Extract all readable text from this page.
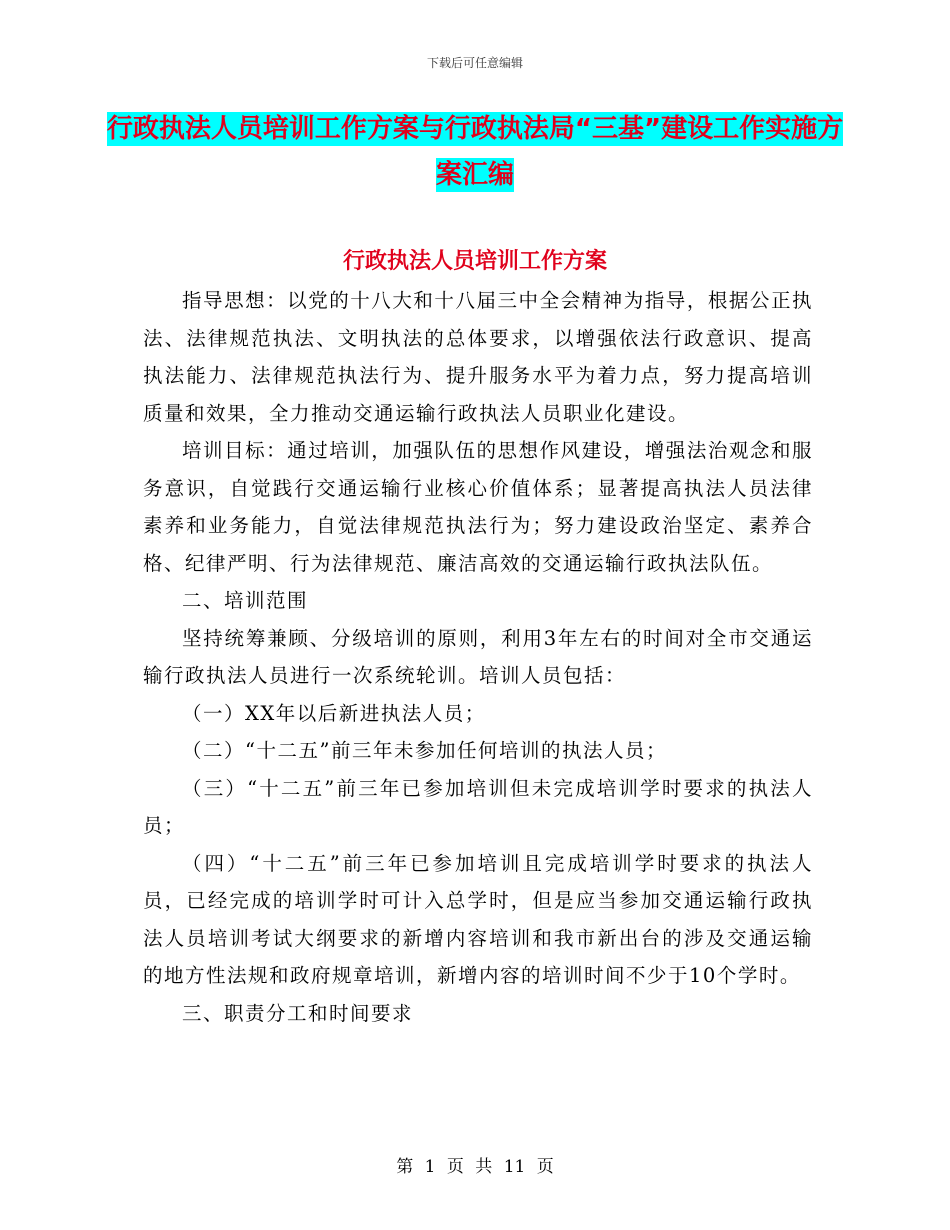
下载后可任意编辑
行政执法人员培训工作方案与行政执法局“三基”建设工作实施方案汇编
行政执法人员培训工作方案

指导思想：以党的十八大和十八届三中全会精神为指导，根据公正执法、法律规范执法、文明执法的总体要求，以增强依法行政意识、提高执法能力、法律规范执法行为、提升服务水平为着力点，努力提高培训质量和效果，全力推动交通运输行政执法人员职业化建设。

培训目标：通过培训，加强队伍的思想作风建设，增强法治观念和服务意识，自觉践行交通运输行业核心价值体系；显著提高执法人员法律素养和业务能力，自觉法律规范执法行为；努力建设政治坚定、素养合格、纪律严明、行为法律规范、廉洁高效的交通运输行政执法队伍。

二、培训范围

坚持统筹兼顾、分级培训的原则，利用3年左右的时间对全市交通运输行政执法人员进行一次系统轮训。培训人员包括：

（一）XX年以后新进执法人员；

（二）“十二五”前三年未参加任何培训的执法人员；

（三）“十二五”前三年已参加培训但未完成培训学时要求的执法人员；

（四）“十二五”前三年已参加培训且完成培训学时要求的执法人员，已经完成的培训学时可计入总学时，但是应当参加交通运输行政执法人员培训考试大纲要求的新增内容培训和我市新出台的涉及交通运输的地方性法规和政府规章培训，新增内容的培训时间不少于10个学时。

三、职责分工和时间要求

第 1 页 共 11 页
